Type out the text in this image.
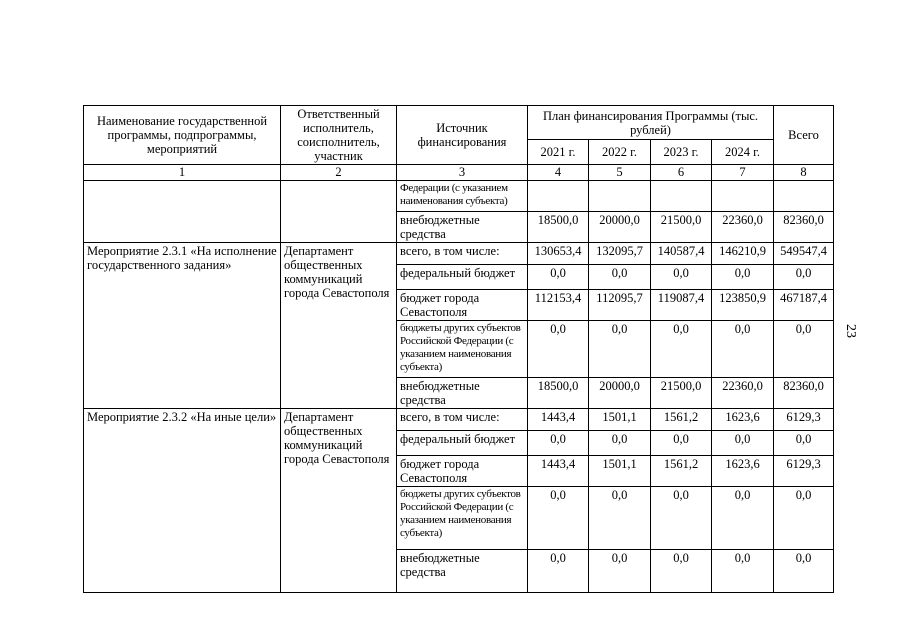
23
Наименование государственной программы, подпрограммы, мероприятий	Ответственный исполнитель, соисполнитель, участник	Источник финансирования	План финансирования Программы (тыс. рублей)				Всего
			2021 г.	2022 г.	2023 г.	2024 г.	
1	2	3	4	5	6	7	8
		Федерации (с указанием наименования субъекта)					
		внебюджетные средства	18500,0	20000,0	21500,0	22360,0	82360,0
Мероприятие 2.3.1 «На исполнение государственного задания»	Департамент общественных коммуникаций города Севастополя	всего, в том числе:	130653,4	132095,7	140587,4	146210,9	549547,4
		федеральный бюджет	0,0	0,0	0,0	0,0	0,0
		бюджет города Севастополя	112153,4	112095,7	119087,4	123850,9	467187,4
		бюджеты других субъектов Российской Федерации (с указанием наименования субъекта)	0,0	0,0	0,0	0,0	0,0
		внебюджетные средства	18500,0	20000,0	21500,0	22360,0	82360,0
Мероприятие 2.3.2 «На иные цели»	Департамент общественных коммуникаций города Севастополя	всего, в том числе:	1443,4	1501,1	1561,2	1623,6	6129,3
		федеральный бюджет	0,0	0,0	0,0	0,0	0,0
		бюджет города Севастополя	1443,4	1501,1	1561,2	1623,6	6129,3
		бюджеты других субъектов Российской Федерации (с указанием наименования субъекта)	0,0	0,0	0,0	0,0	0,0
		внебюджетные средства	0,0	0,0	0,0	0,0	0,0
